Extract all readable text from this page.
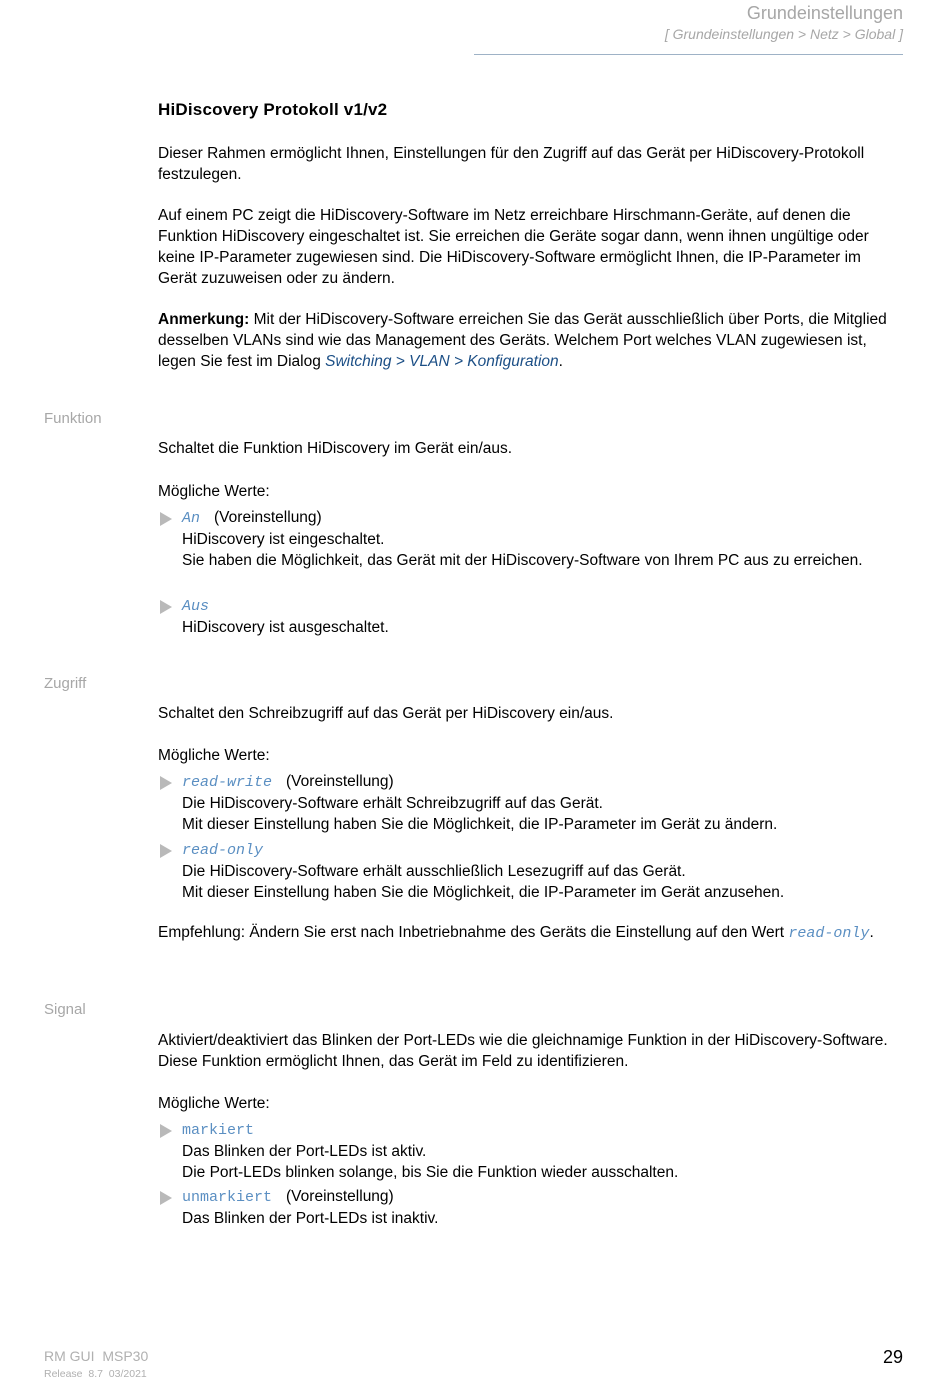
Grundeinstellungen
[ Grundeinstellungen > Netz > Global ]
HiDiscovery Protokoll v1/v2

Dieser Rahmen ermöglicht Ihnen, Einstellungen für den Zugriff auf das Gerät per HiDiscovery-Protokoll festzulegen.

Auf einem PC zeigt die HiDiscovery-Software im Netz erreichbare Hirschmann-Geräte, auf denen die Funktion HiDiscovery eingeschaltet ist. Sie erreichen die Geräte sogar dann, wenn ihnen ungültige oder keine IP-Parameter zugewiesen sind. Die HiDiscovery-Software ermöglicht Ihnen, die IP-Parameter im Gerät zuzuweisen oder zu ändern.

Anmerkung: Mit der HiDiscovery-Software erreichen Sie das Gerät ausschließlich über Ports, die Mitglied desselben VLANs sind wie das Management des Geräts. Welchem Port welches VLAN zugewiesen ist, legen Sie fest im Dialog Switching > VLAN > Konfiguration.

Funktion

Schaltet die Funktion HiDiscovery im Gerät ein/aus.

Mögliche Werte:

An (Voreinstellung)
HiDiscovery ist eingeschaltet.
Sie haben die Möglichkeit, das Gerät mit der HiDiscovery-Software von Ihrem PC aus zu erreichen.
Aus
HiDiscovery ist ausgeschaltet.
Zugriff

Schaltet den Schreibzugriff auf das Gerät per HiDiscovery ein/aus.

Mögliche Werte:

read-write (Voreinstellung)
Die HiDiscovery-Software erhält Schreibzugriff auf das Gerät.
Mit dieser Einstellung haben Sie die Möglichkeit, die IP-Parameter im Gerät zu ändern.
read-only
Die HiDiscovery-Software erhält ausschließlich Lesezugriff auf das Gerät.
Mit dieser Einstellung haben Sie die Möglichkeit, die IP-Parameter im Gerät anzusehen.

Empfehlung: Ändern Sie erst nach Inbetriebnahme des Geräts die Einstellung auf den Wert read-only.

Signal

Aktiviert/deaktiviert das Blinken der Port-LEDs wie die gleichnamige Funktion in der HiDiscovery-Software. Diese Funktion ermöglicht Ihnen, das Gerät im Feld zu identifizieren.

Mögliche Werte:

markiert
Das Blinken der Port-LEDs ist aktiv.
Die Port-LEDs blinken solange, bis Sie die Funktion wieder ausschalten.
unmarkiert (Voreinstellung)
Das Blinken der Port-LEDs ist inaktiv.
RM GUI  MSP30
Release  8.7  03/2021
29
